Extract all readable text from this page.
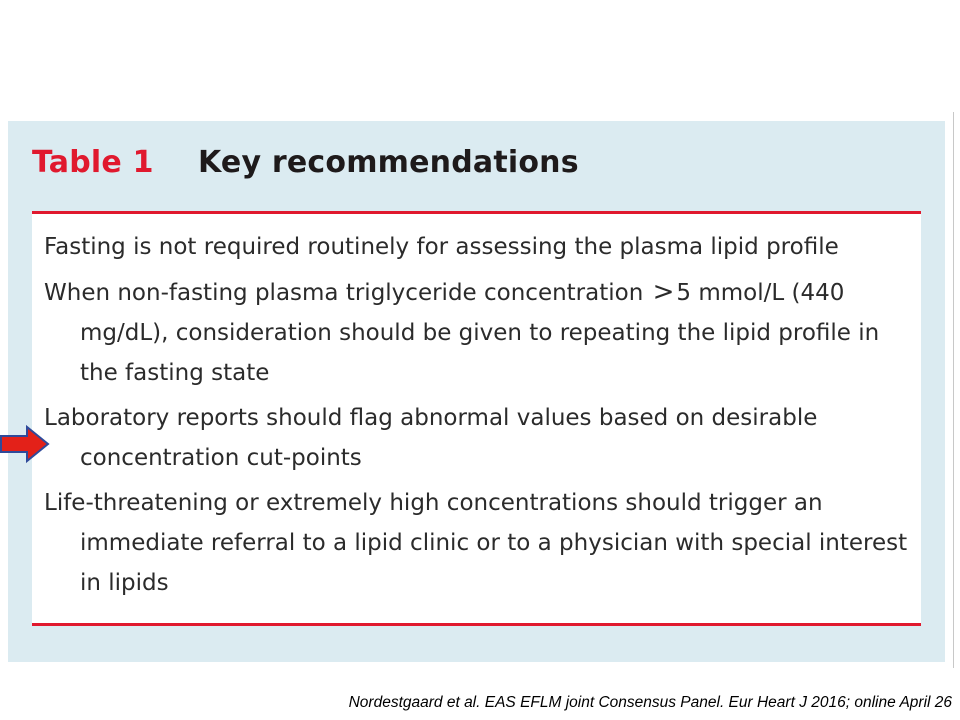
Table 1 Key recommendations
Fasting is not required routinely for assessing the plasma lipid profile
When non-fasting plasma triglyceride concentration >5 mmol/L (440 mg/dL), consideration should be given to repeating the lipid profile in the fasting state
Laboratory reports should flag abnormal values based on desirable concentration cut-points
Life-threatening or extremely high concentrations should trigger an immediate referral to a lipid clinic or to a physician with special interest in lipids
Nordestgaard et al. EAS EFLM joint Consensus Panel. Eur Heart J 2016; online April 26
